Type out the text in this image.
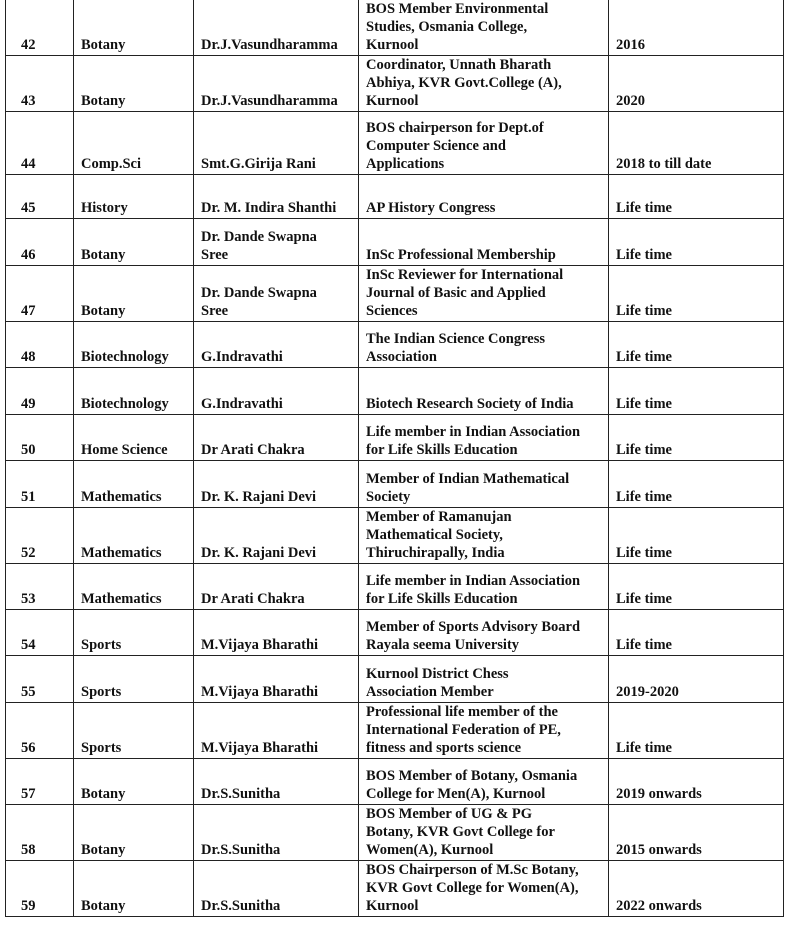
42	Botany	Dr.J.Vasundharamma	BOS Member Environmental
Studies, Osmania College,
Kurnool	2016
43	Botany	Dr.J.Vasundharamma	Coordinator, Unnath Bharath
Abhiya, KVR Govt.College (A),
Kurnool	2020
44	Comp.Sci	Smt.G.Girija Rani	BOS chairperson for Dept.of
Computer Science and
Applications	2018 to till date
45	History	Dr. M. Indira Shanthi	AP History Congress	Life time
46	Botany	Dr. Dande Swapna
Sree	InSc Professional Membership	Life time
47	Botany	Dr. Dande Swapna
Sree	InSc Reviewer for International
Journal of Basic and Applied
Sciences	Life time
48	Biotechnology	G.Indravathi	The Indian Science Congress
Association	Life time
49	Biotechnology	G.Indravathi	Biotech Research Society of India	Life time
50	Home Science	Dr Arati Chakra	Life member in Indian Association
for Life Skills Education	Life time
51	Mathematics	Dr. K. Rajani Devi	Member of Indian Mathematical
Society	Life time
52	Mathematics	Dr. K. Rajani Devi	Member of Ramanujan
Mathematical Society,
Thiruchirapally, India	Life time
53	Mathematics	Dr Arati Chakra	Life member in Indian Association
for Life Skills Education	Life time
54	Sports	M.Vijaya Bharathi	Member of Sports Advisory Board
Rayala seema University	Life time
55	Sports	M.Vijaya Bharathi	Kurnool District Chess
Association Member	2019-2020
56	Sports	M.Vijaya Bharathi	Professional life member of the
International Federation of PE,
fitness and sports science	Life time
57	Botany	Dr.S.Sunitha	BOS Member of Botany, Osmania
College for Men(A), Kurnool	2019 onwards
58	Botany	Dr.S.Sunitha	BOS Member of UG & PG
Botany, KVR Govt College for
Women(A), Kurnool	2015 onwards
59	Botany	Dr.S.Sunitha	BOS Chairperson of M.Sc Botany,
KVR Govt College for Women(A),
Kurnool	2022 onwards
